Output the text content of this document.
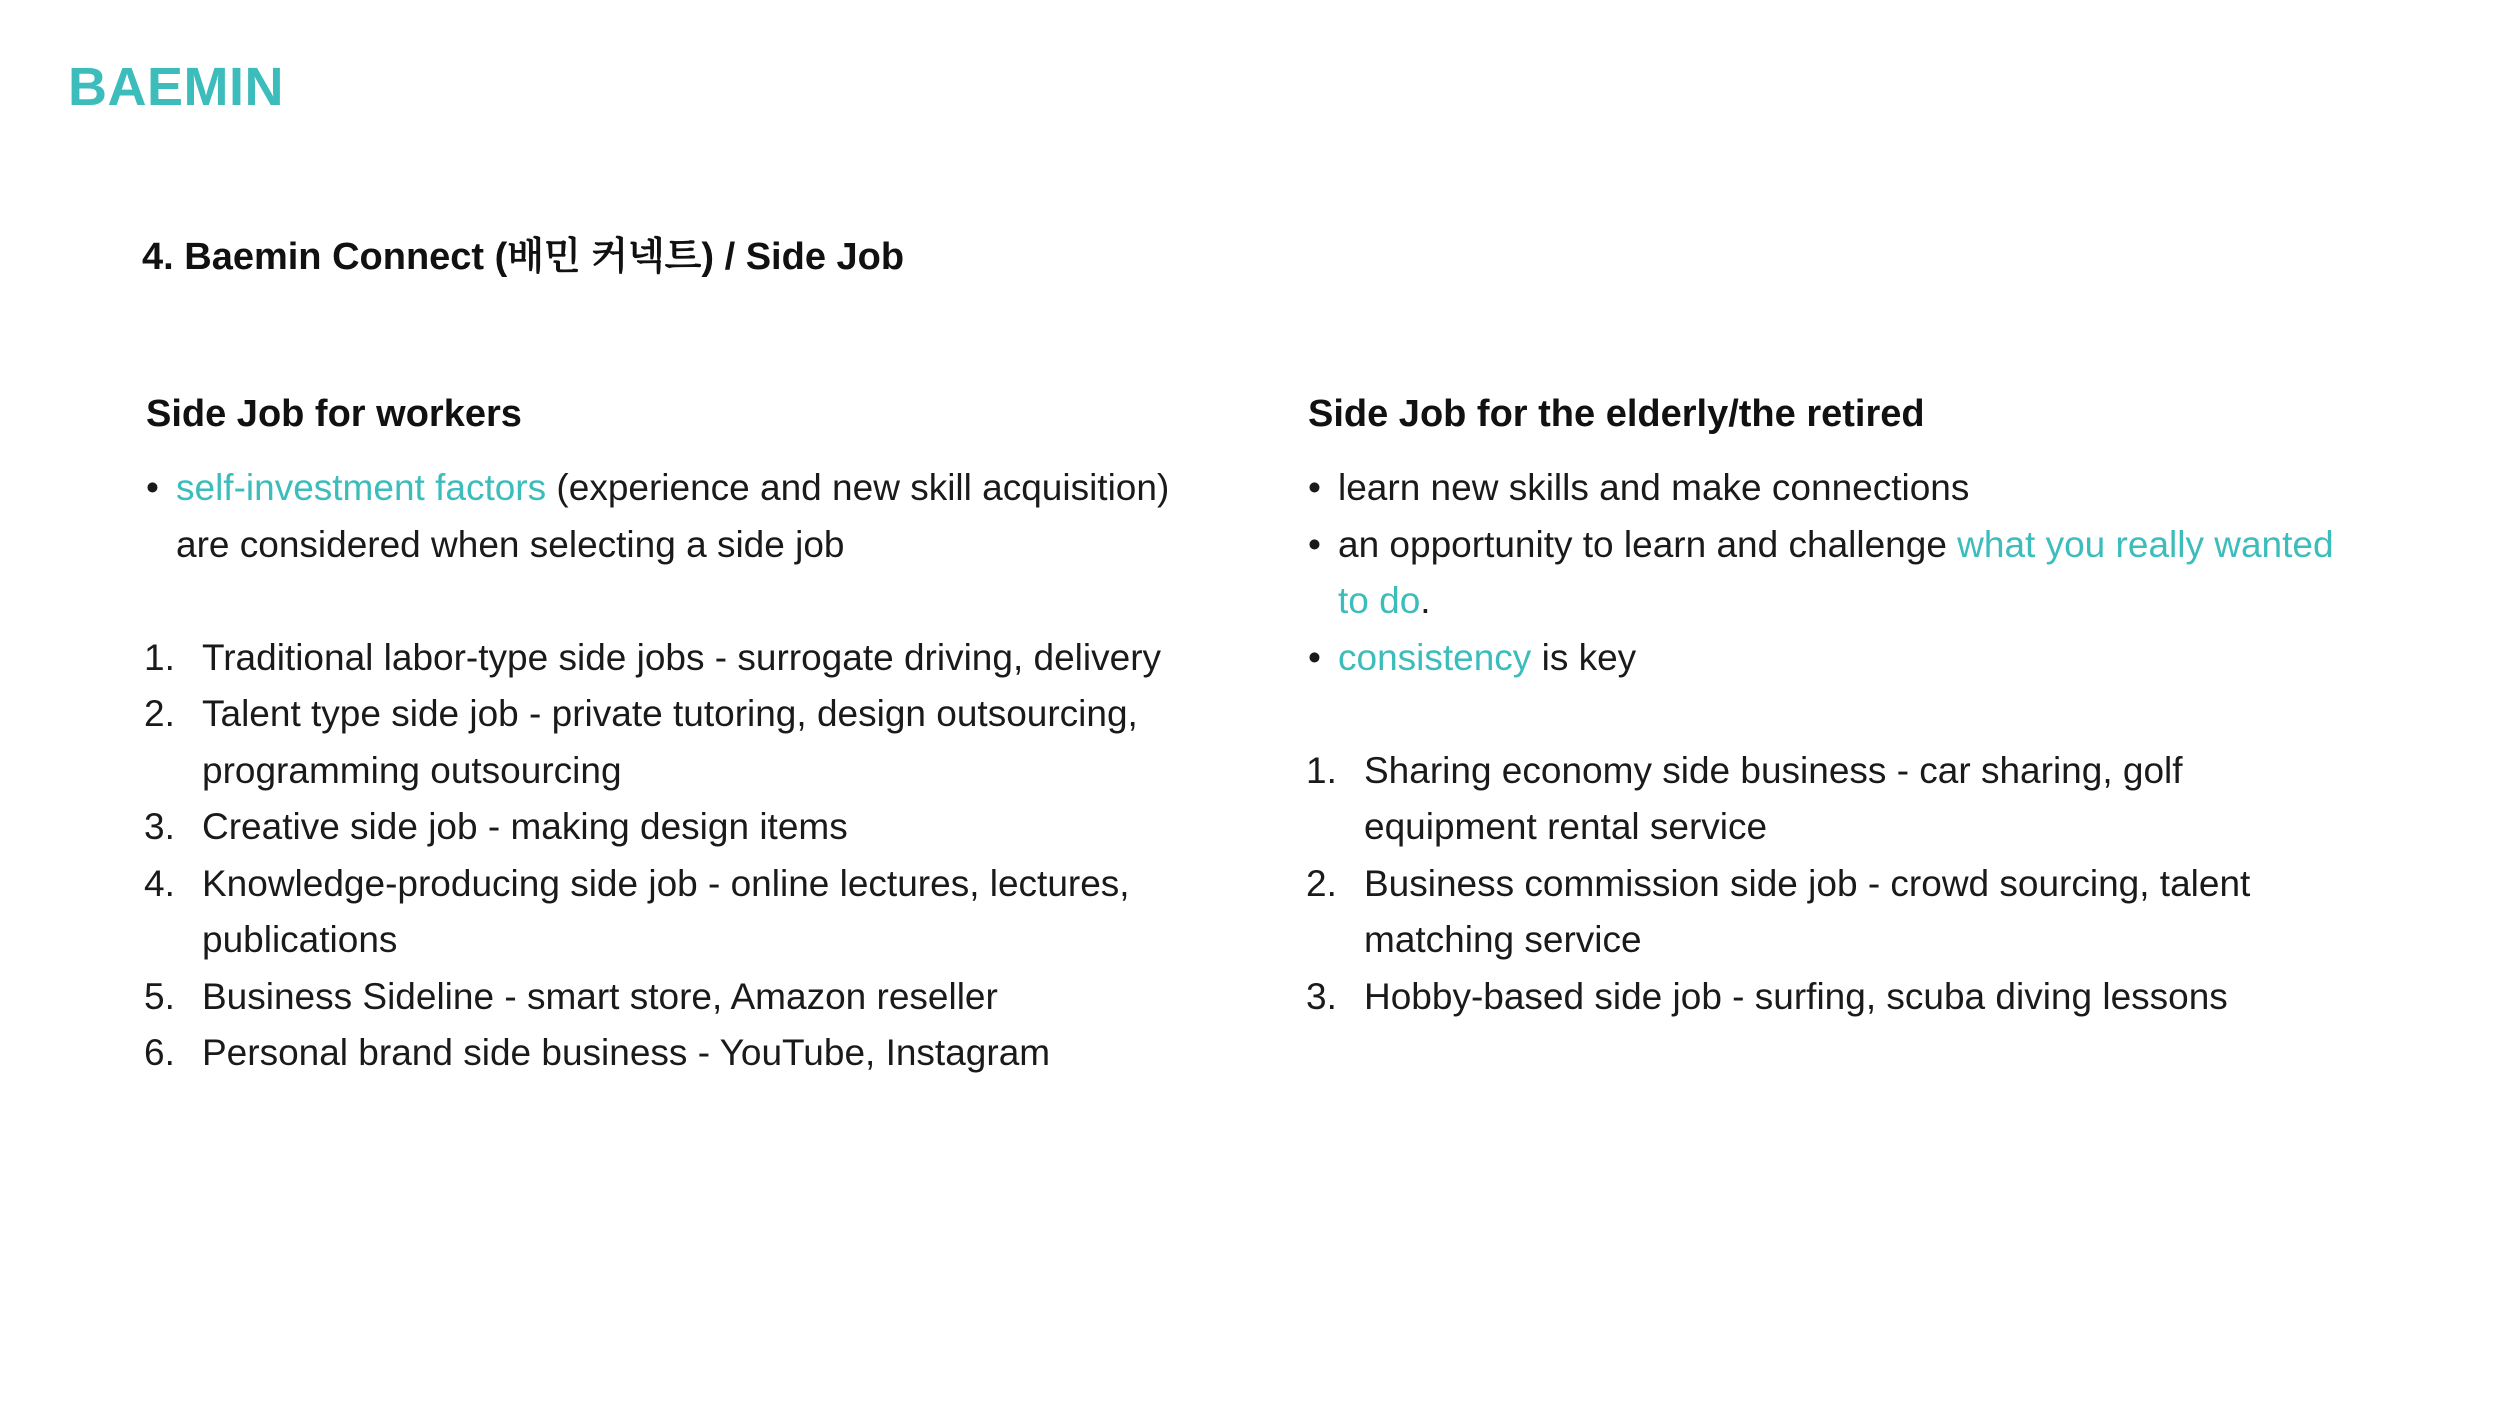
BAEMIN
4. Baemin Connect (배민 커넥트) / Side Job
Side Job for workers
• self-investment factors (experience and new skill acquisition) are considered when selecting a side job
1. Traditional labor-type side jobs - surrogate driving, delivery
2. Talent type side job - private tutoring, design outsourcing, programming outsourcing
3. Creative side job - making design items
4. Knowledge-producing side job - online lectures, lectures, publications
5. Business Sideline - smart store, Amazon reseller
6. Personal brand side business - YouTube, Instagram
Side Job for the elderly/the retired
• learn new skills and make connections
• an opportunity to learn and challenge what you really wanted to do.
• consistency is key
1. Sharing economy side business - car sharing, golf equipment rental service
2. Business commission side job - crowd sourcing, talent matching service
3. Hobby-based side job - surfing, scuba diving lessons
